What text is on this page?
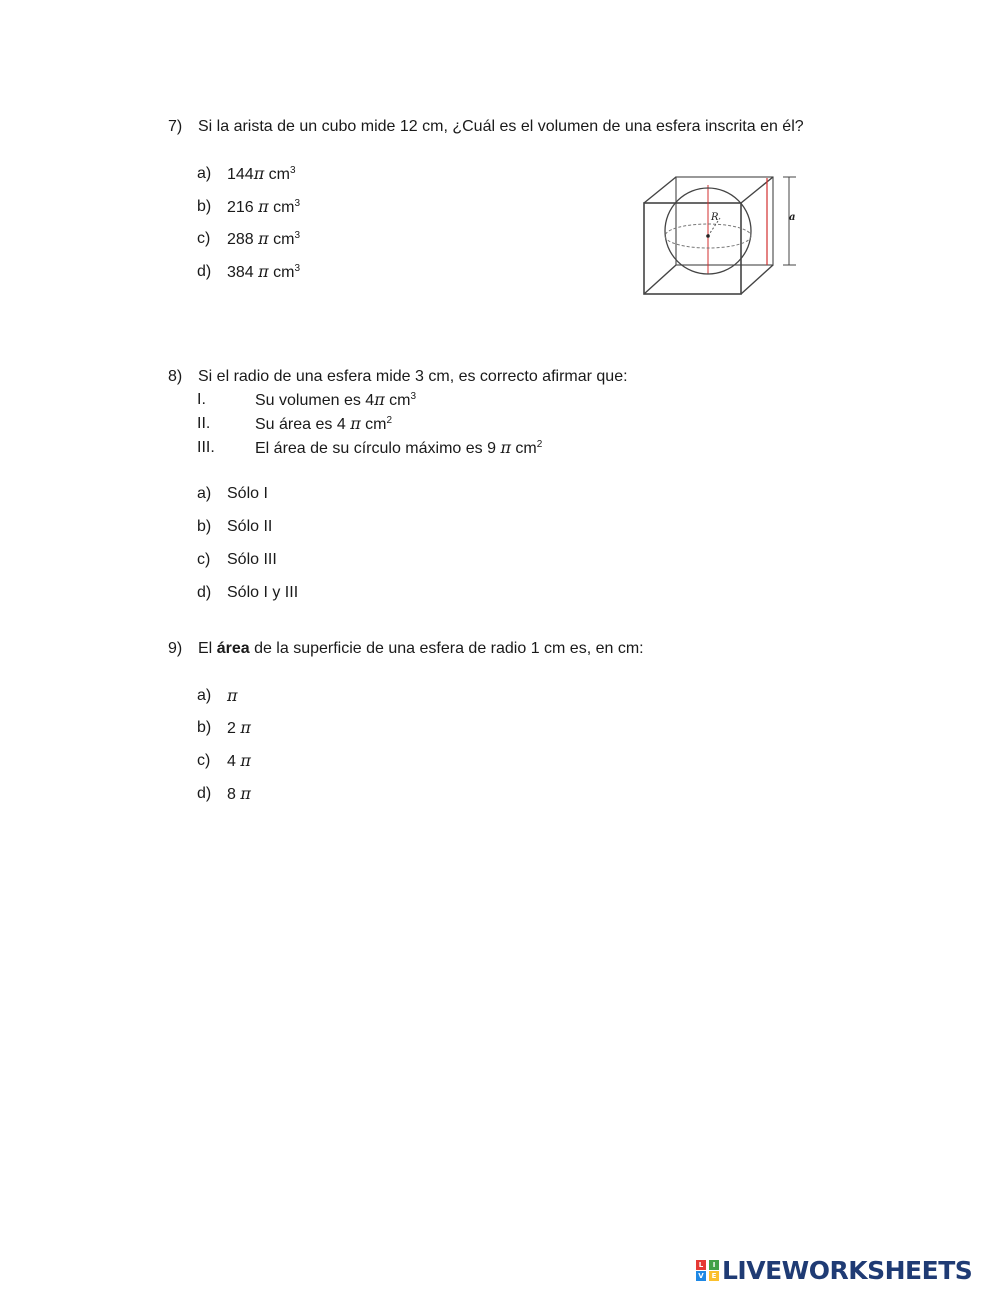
7) Si la arista de un cubo mide 12 cm, ¿Cuál es el volumen de una esfera inscrita en él?
a) 144π $cm^3$
b) 216 π $cm^3$
c) 288 π $cm^3$
d) 384 π $cm^3$
R	a
8) Si el radio de una esfera mide 3 cm, es correcto afirmar que:
I.	Su volumen es 4π $cm^3$
II.	Su área es 4 π $cm^2$
III.	El área de su círculo máximo es 9 π $cm^2$
a) Sólo I
b) Sólo II
c) Sólo III
d) Sólo I y III
9) El área de la superficie de una esfera de radio 1 cm es, en cm:
a) π
b) 2 π
c) 4 π
d) 8 π
L
V
I
E LIVEWORKSHEETS
